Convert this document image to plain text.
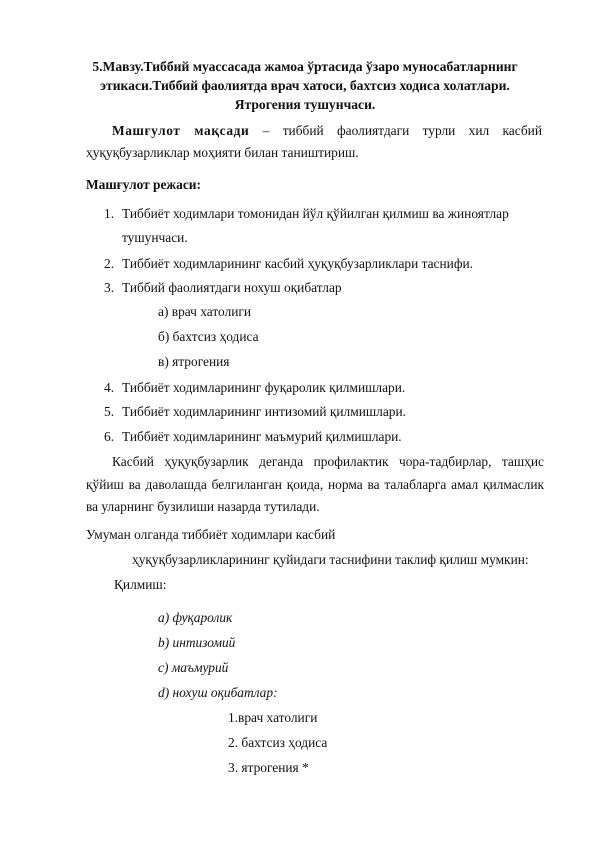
5.Мавзу.Тиббий муассасада жамоа ўртасида ўзаро муносабатларнинг
этикаси.Тиббий фаолиятда врач хатоси, бахтсиз ходиса холатлари.
Ятрогения тушунчаси.
Машғулот мақсади – тиббий фаолиятдаги турли хил касбий ҳуқуқбузарликлар моҳияти билан таништириш.
Машғулот режаси:
1. Тиббиёт ходимлари томонидан йўл қўйилган қилмиш ва жиноятлар
тушунчаси.
2. Тиббиёт ходимларининг касбий ҳуқуқбузарликлари таснифи.
3. Тиббий фаолиятдаги нохуш оқибатлар
а) врач хатолиги
б) бахтсиз ҳодиса
в) ятрогения
4. Тиббиёт ходимларининг фуқаролик қилмишлари.
5. Тиббиёт ходимларининг интизомий қилмишлари.
6. Тиббиёт ходимларининг маъмурий қилмишлари.
Касбий ҳуқуқбузарлик деганда профилактик чора-тадбирлар, ташҳис қўйиш ва даволашда белгиланган қоида, норма ва талабларга амал қилмаслик ва уларнинг бузилиши назарда тутилади.
Умуман олганда тиббиёт ходимлари касбий
ҳуқуқбузарликларининг қуйидаги таснифини таклиф қилиш мумкин:
Қилмиш:
a) фуқаролик
b) интизомий
c) маъмурий
d) нохуш оқибатлар:
1.врач хатолиги
2. бахтсиз ҳодиса
3. ятрогения *
